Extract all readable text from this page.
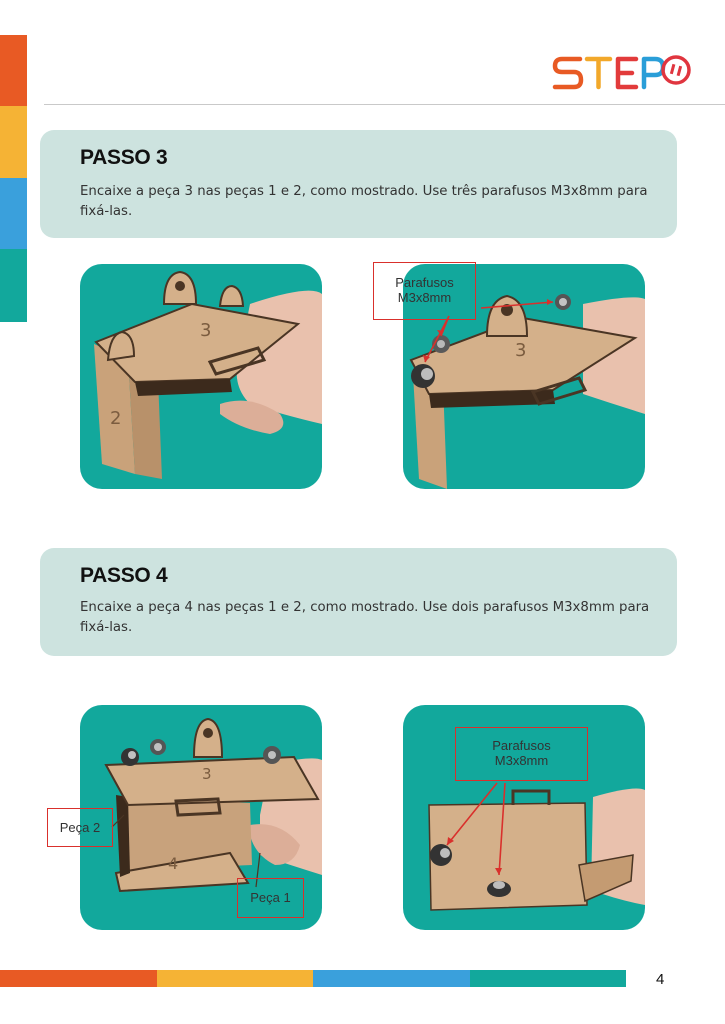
PASSO 3
Encaixe a peça 3 nas peças 1 e 2, como mostrado. Use três parafusos M3x8mm para fixá-las.
2
3
3
Parafusos
M3x8mm
PASSO 4
Encaixe a peça 4 nas peças 1 e 2, como mostrado. Use dois parafusos M3x8mm para fixá-las.
4
3
Peça 2
Peça 1
Parafusos
M3x8mm
4
